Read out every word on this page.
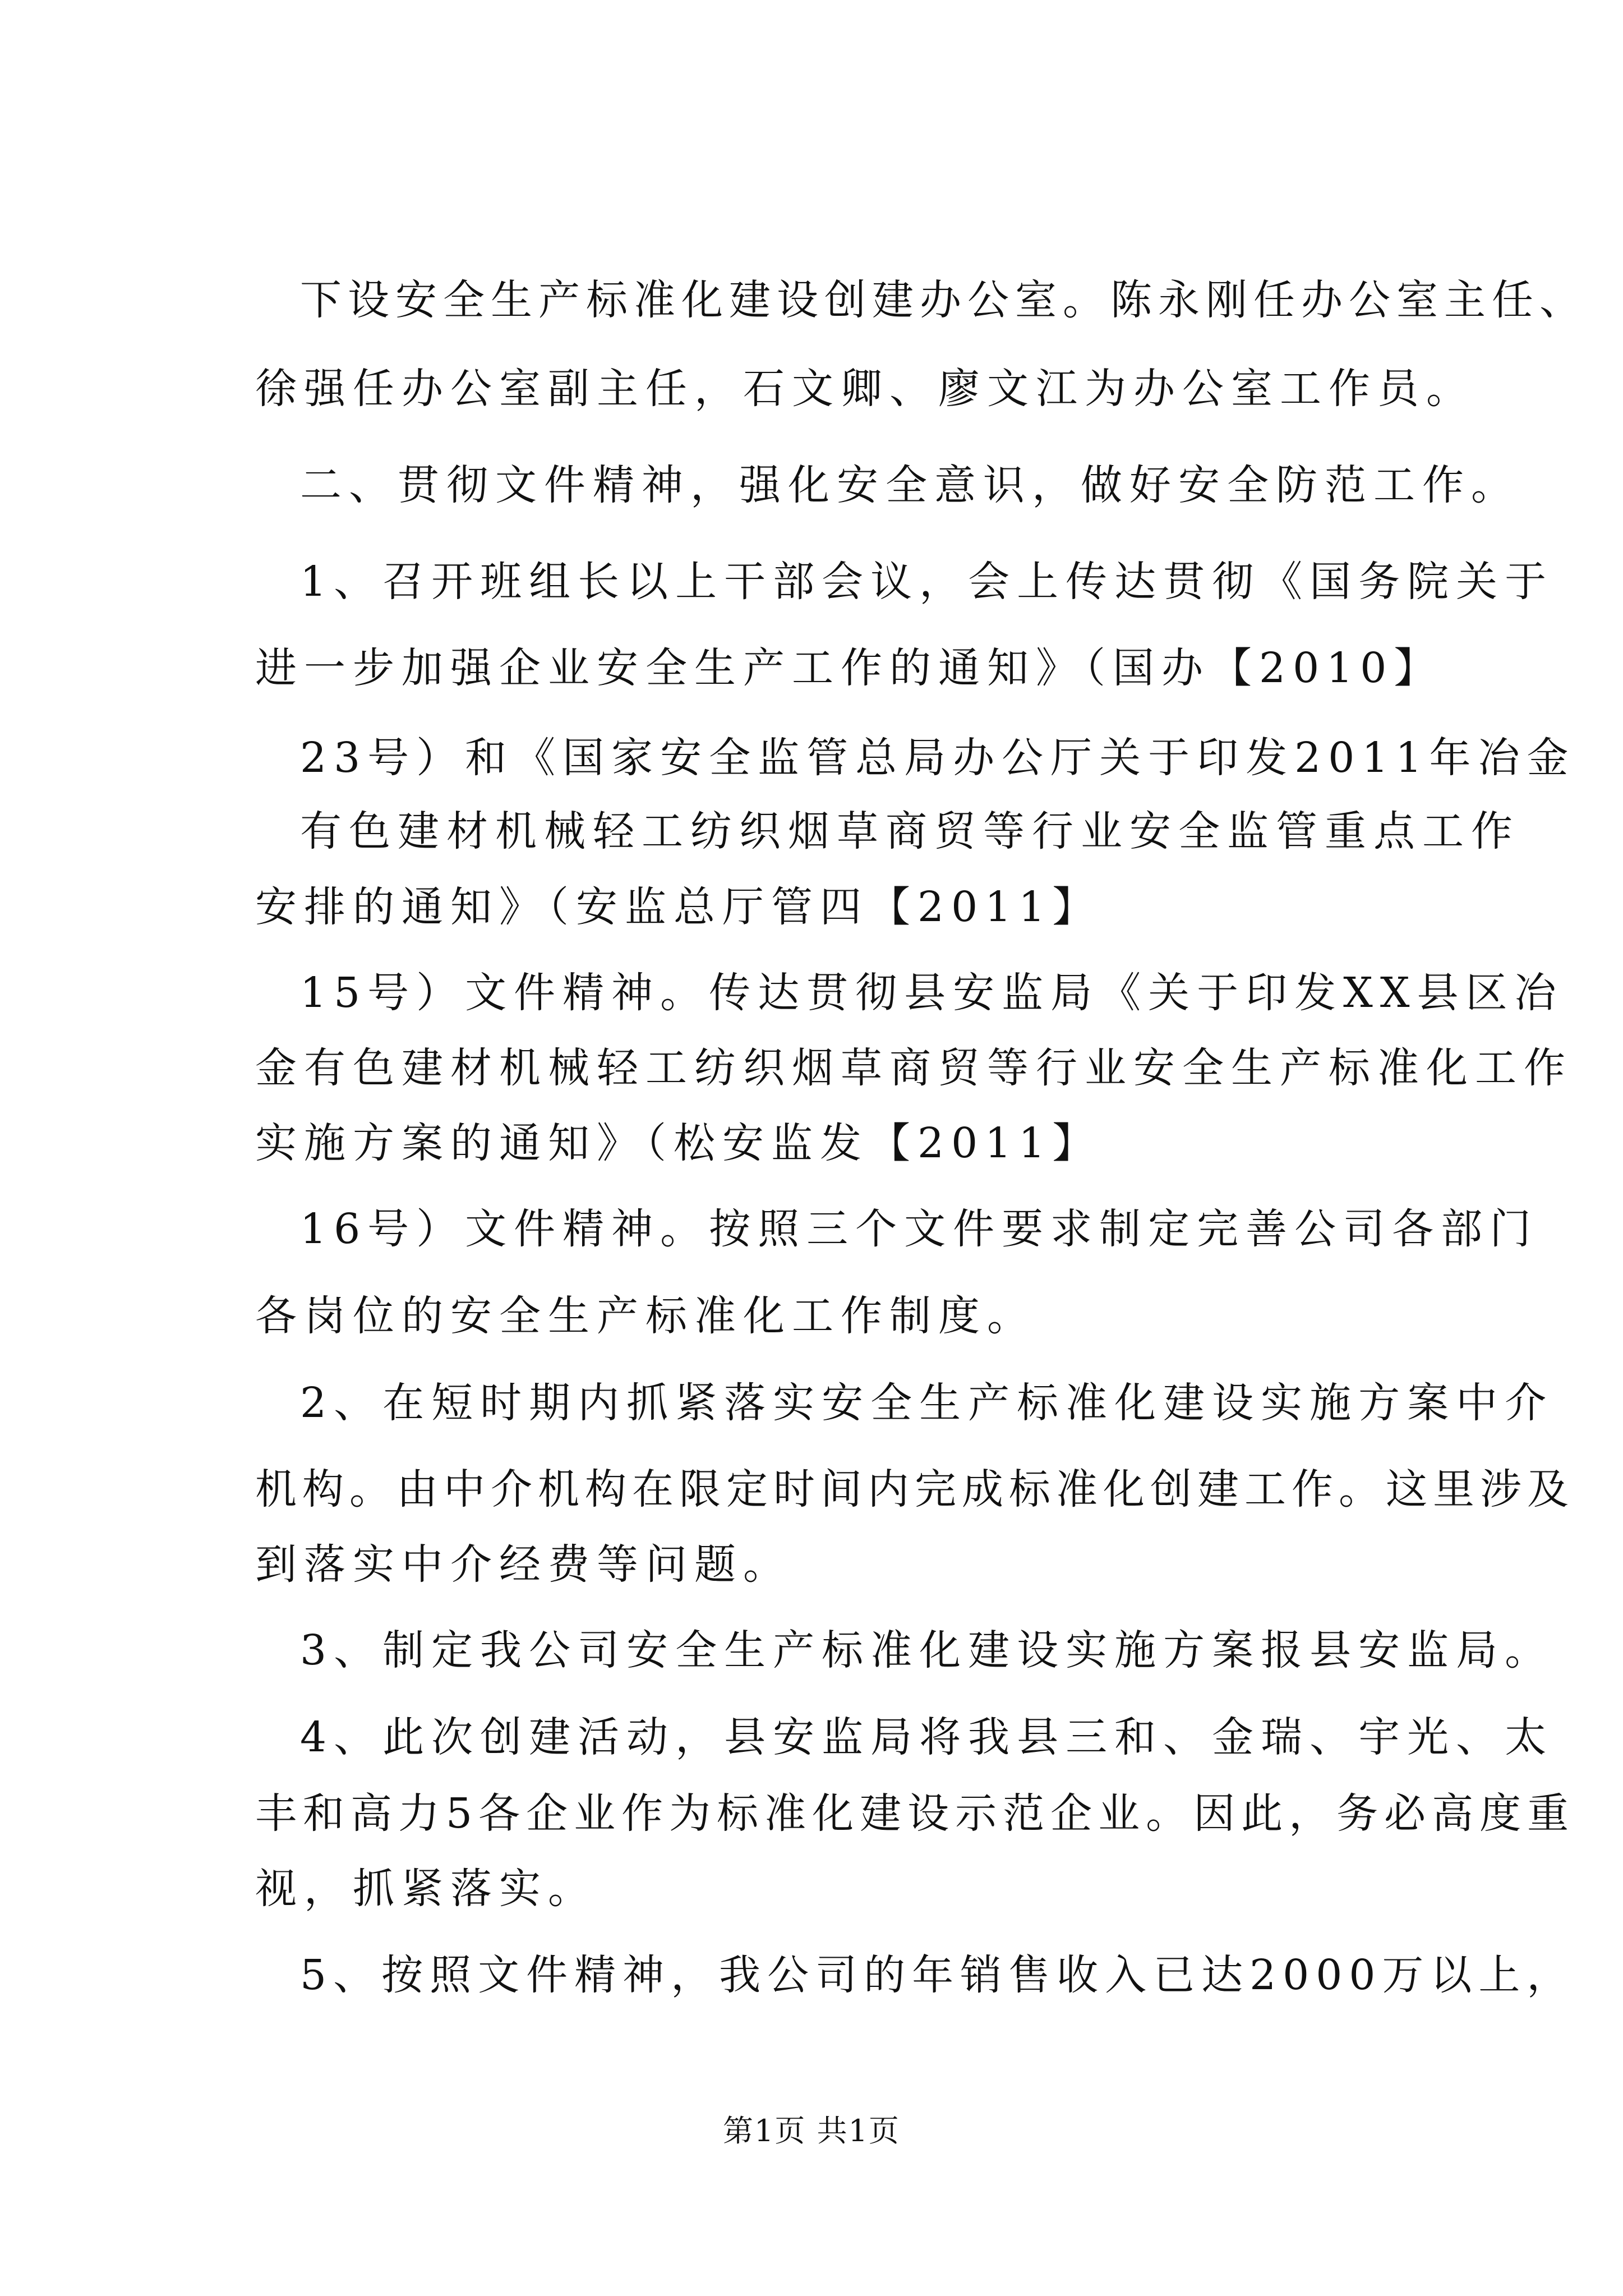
下设安全生产标准化建设创建办公室。陈永刚任办公室主任、
徐强任办公室副主任，石文卿、廖文江为办公室工作员。
二、贯彻文件精神，强化安全意识，做好安全防范工作。
1、召开班组长以上干部会议，会上传达贯彻《国务院关于
进一步加强企业安全生产工作的通知》（国办【2010】
23号）和《国家安全监管总局办公厅关于印发2011年冶金
有色建材机械轻工纺织烟草商贸等行业安全监管重点工作
安排的通知》（安监总厅管四【2011】
15号）文件精神。传达贯彻县安监局《关于印发XX县区冶
金有色建材机械轻工纺织烟草商贸等行业安全生产标准化工作
实施方案的通知》（松安监发【2011】
16号）文件精神。按照三个文件要求制定完善公司各部门
各岗位的安全生产标准化工作制度。
2、在短时期内抓紧落实安全生产标准化建设实施方案中介
机构。由中介机构在限定时间内完成标准化创建工作。这里涉及
到落实中介经费等问题。
3、制定我公司安全生产标准化建设实施方案报县安监局。
4、此次创建活动，县安监局将我县三和、金瑞、宇光、太
丰和高力5各企业作为标准化建设示范企业。因此，务必高度重
视，抓紧落实。
5、按照文件精神，我公司的年销售收入已达2000万以上，
第1页 共1页
